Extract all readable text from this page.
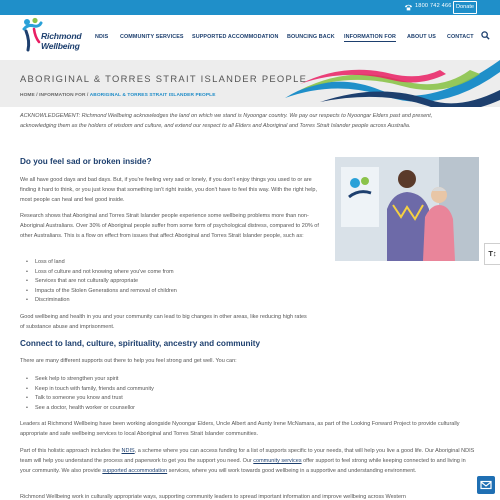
1800 742 466 Donate
Richmond
Wellbeing
NDIS COMMUNITY SERVICES SUPPORTED ACCOMMODATION BOUNCING BACK INFORMATION FOR ABOUT US CONTACT
ABORIGINAL & TORRES STRAIT ISLANDER PEOPLE
HOME / INFORMATION FOR / ABORIGINAL & TORRES STRAIT ISLANDER PEOPLE

ACKNOWLEDGEMENT: Richmond Wellbeing acknowledges the land on which we stand is Nyoongar country. We pay our respects to Nyoongar Elders past and present, acknowledging them as the holders of wisdom and culture, and extend our respect to all Elders and Aboriginal and Torres Strait Islander people across Australia.

Do you feel sad or broken inside?

We all have good days and bad days. But, if you're feeling very sad or lonely, if you don't enjoy things you used to or are finding it hard to think, or you just know that something isn't right inside, you don't have to feel this way. With the right help, most people can heal and feel good inside.

Research shows that Aboriginal and Torres Strait Islander people experience some wellbeing problems more than non-Aboriginal Australians. Over 30% of Aboriginal people suffer from some form of psychological distress, compared to 20% of other Australians. This is a flow on effect from issues that affect Aboriginal and Torres Strait Islander people, such as:

• Loss of land
• Loss of culture and not knowing where you've come from
• Services that are not culturally appropriate
• Impacts of the Stolen Generations and removal of children
• Discrimination

Good wellbeing and health in you and your community can lead to big changes in other areas, like reducing high rates of substance abuse and imprisonment.

Connect to land, culture, spirituality, ancestry and community

There are many different supports out there to help you feel strong and get well. You can:

• Seek help to strengthen your spirit
• Keep in touch with family, friends and community
• Talk to someone you know and trust
• See a doctor, health worker or counsellor

Leaders at Richmond Wellbeing have been working alongside Nyoongar Elders, Uncle Albert and Aunty Irene McNamara, as part of the Looking Forward Project to provide culturally appropriate and safe wellbeing services to local Aboriginal and Torres Strait Islander communities.

Part of this holistic approach includes the NDIS, a scheme where you can access funding for a list of supports specific to your needs, that will help you live a good life. Our Aboriginal NDIS team will help you understand the process and paperwork to get you the support you need. Our community services offer support to feel strong while keeping connected to and living in your community. We also provide supported accommodation services, where you will work towards good wellbeing in a supportive and understanding environment.

Richmond Wellbeing work in culturally appropriate ways, supporting community leaders to spread important information and improve wellbeing across Western

T↕
